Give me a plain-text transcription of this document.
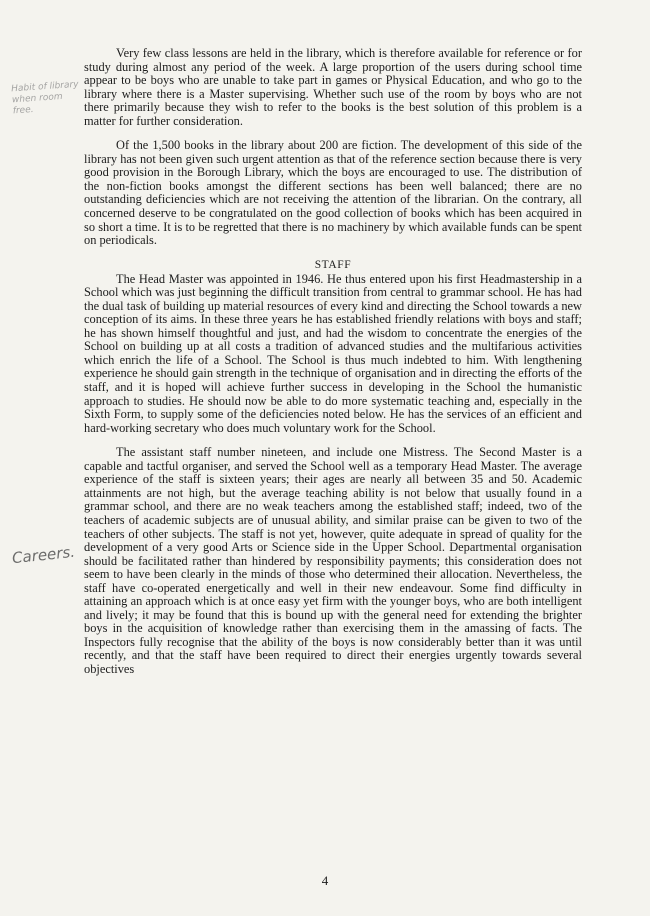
Habit of library when room free.
Careers.

Very few class lessons are held in the library, which is therefore available for reference or for study during almost any period of the week. A large proportion of the users during school time appear to be boys who are unable to take part in games or Physical Education, and who go to the library where there is a Master supervising. Whether such use of the room by boys who are not there primarily because they wish to refer to the books is the best solution of this problem is a matter for further consideration.

Of the 1,500 books in the library about 200 are fiction. The development of this side of the library has not been given such urgent attention as that of the reference section because there is very good provision in the Borough Library, which the boys are encouraged to use. The distribution of the non-fiction books amongst the different sections has been well balanced; there are no outstanding deficiencies which are not receiving the attention of the librarian. On the contrary, all concerned deserve to be congratulated on the good collection of books which has been acquired in so short a time. It is to be regretted that there is no machinery by which available funds can be spent on periodicals.

STAFF

The Head Master was appointed in 1946. He thus entered upon his first Headmastership in a School which was just beginning the difficult transition from central to grammar school. He has had the dual task of building up material resources of every kind and directing the School towards a new conception of its aims. In these three years he has established friendly relations with boys and staff; he has shown himself thoughtful and just, and had the wisdom to concentrate the energies of the School on building up at all costs a tradition of advanced studies and the multifarious activities which enrich the life of a School. The School is thus much indebted to him. With lengthening experience he should gain strength in the technique of organisation and in directing the efforts of the staff, and it is hoped will achieve further success in developing in the School the humanistic approach to studies. He should now be able to do more systematic teaching and, especially in the Sixth Form, to supply some of the deficiencies noted below. He has the services of an efficient and hard-working secretary who does much voluntary work for the School.

The assistant staff number nineteen, and include one Mistress. The Second Master is a capable and tactful organiser, and served the School well as a temporary Head Master. The average experience of the staff is sixteen years; their ages are nearly all between 35 and 50. Academic attainments are not high, but the average teaching ability is not below that usually found in a grammar school, and there are no weak teachers among the established staff; indeed, two of the teachers of academic subjects are of unusual ability, and similar praise can be given to two of the teachers of other subjects. The staff is not yet, however, quite adequate in spread of quality for the development of a very good Arts or Science side in the Upper School. Departmental organisation should be facilitated rather than hindered by responsibility payments; this consideration does not seem to have been clearly in the minds of those who determined their allocation. Nevertheless, the staff have co-operated energetically and well in their new endeavour. Some find difficulty in attaining an approach which is at once easy yet firm with the younger boys, who are both intelligent and lively; it may be found that this is bound up with the general need for extending the brighter boys in the acquisition of knowledge rather than exercising them in the amassing of facts. The Inspectors fully recognise that the ability of the boys is now considerably better than it was until recently, and that the staff have been required to direct their energies urgently towards several objectives

4
